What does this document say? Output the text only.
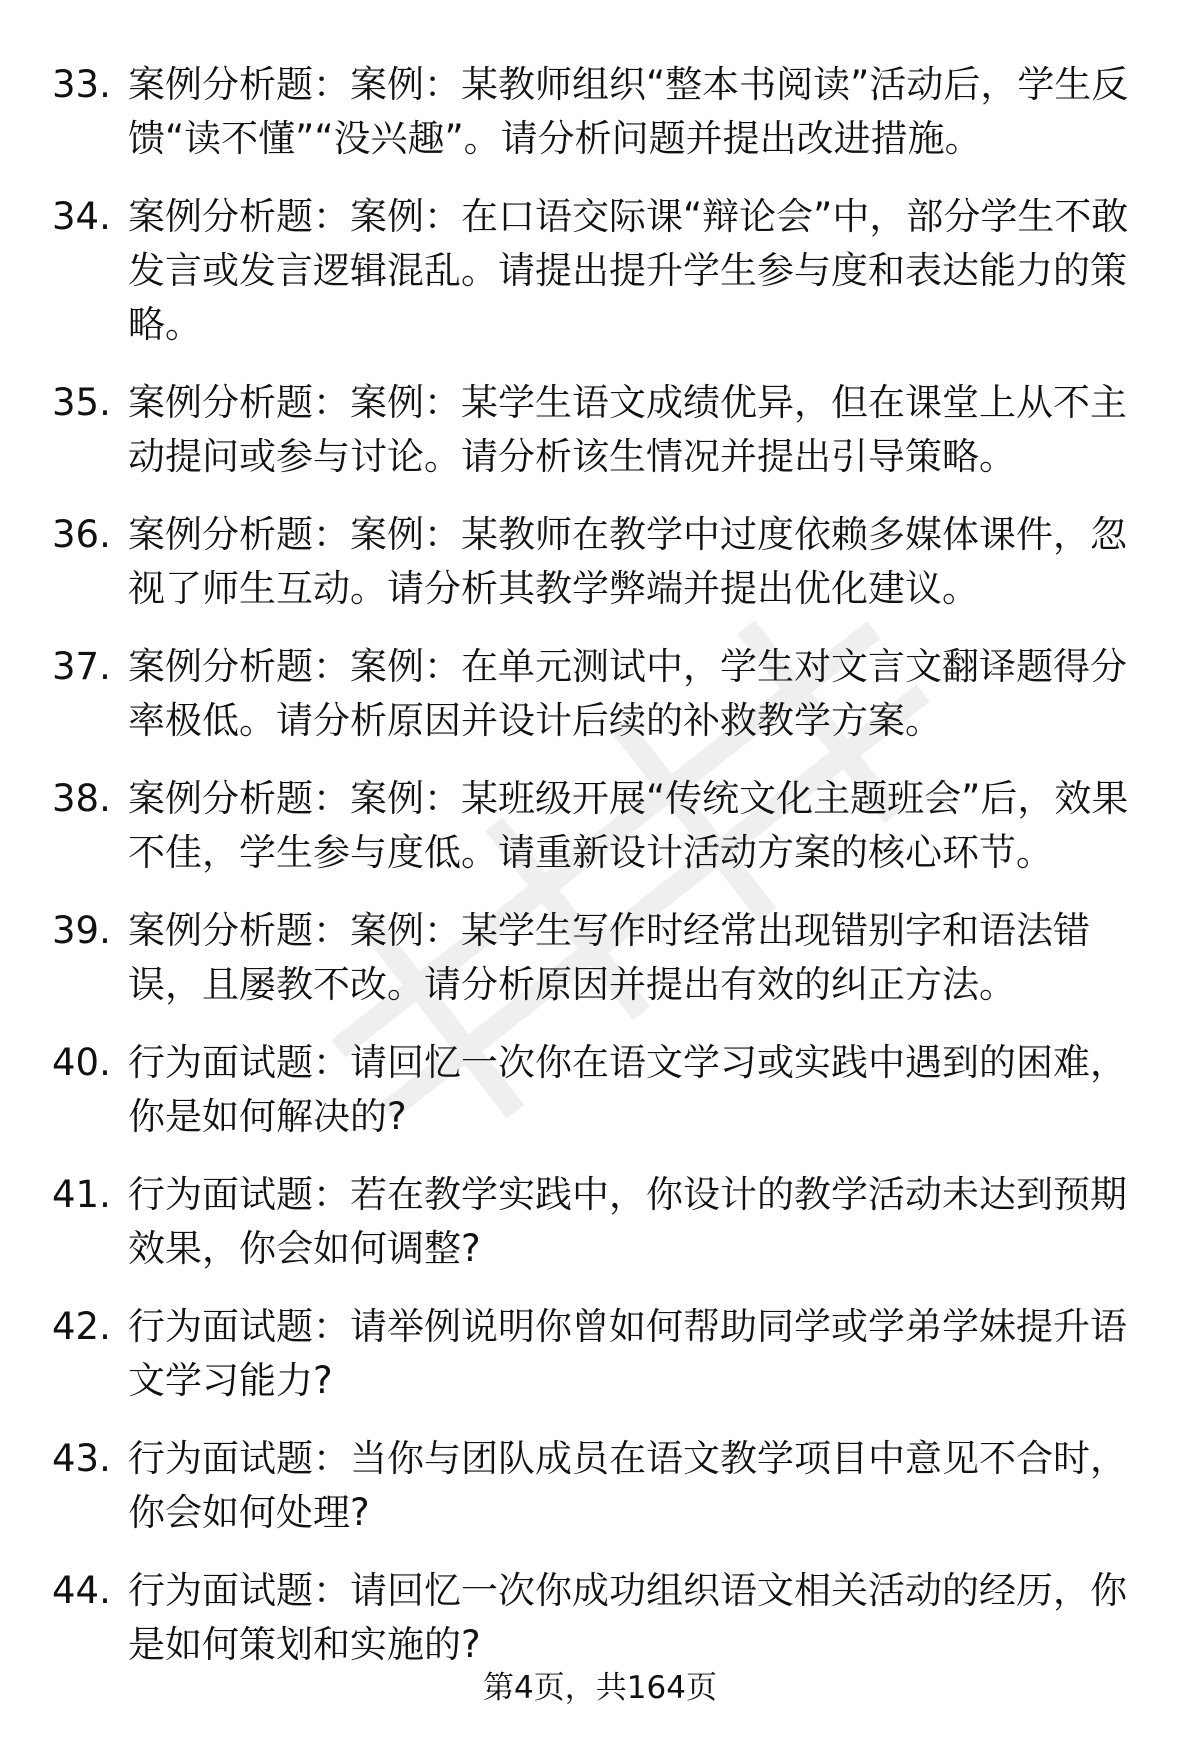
33. 案例分析题：案例：某教师组织“整本书阅读”活动后，学生反馈“读不懂”“没兴趣”。请分析问题并提出改进措施。
34. 案例分析题：案例：在口语交际课“辩论会”中，部分学生不敢发言或发言逻辑混乱。请提出提升学生参与度和表达能力的策略。
35. 案例分析题：案例：某学生语文成绩优异，但在课堂上从不主动提问或参与讨论。请分析该生情况并提出引导策略。
36. 案例分析题：案例：某教师在教学中过度依赖多媒体课件，忽视了师生互动。请分析其教学弊端并提出优化建议。
37. 案例分析题：案例：在单元测试中，学生对文言文翻译题得分率极低。请分析原因并设计后续的补救教学方案。
38. 案例分析题：案例：某班级开展“传统文化主题班会”后，效果不佳，学生参与度低。请重新设计活动方案的核心环节。
39. 案例分析题：案例：某学生写作时经常出现错别字和语法错误，且屡教不改。请分析原因并提出有效的纠正方法。
40. 行为面试题：请回忆一次你在语文学习或实践中遇到的困难，你是如何解决的?
41. 行为面试题：若在教学实践中，你设计的教学活动未达到预期效果，你会如何调整?
42. 行为面试题：请举例说明你曾如何帮助同学或学弟学妹提升语文学习能力?
43. 行为面试题：当你与团队成员在语文教学项目中意见不合时，你会如何处理?
44. 行为面试题：请回忆一次你成功组织语文相关活动的经历，你是如何策划和实施的?
第4页，共164页
